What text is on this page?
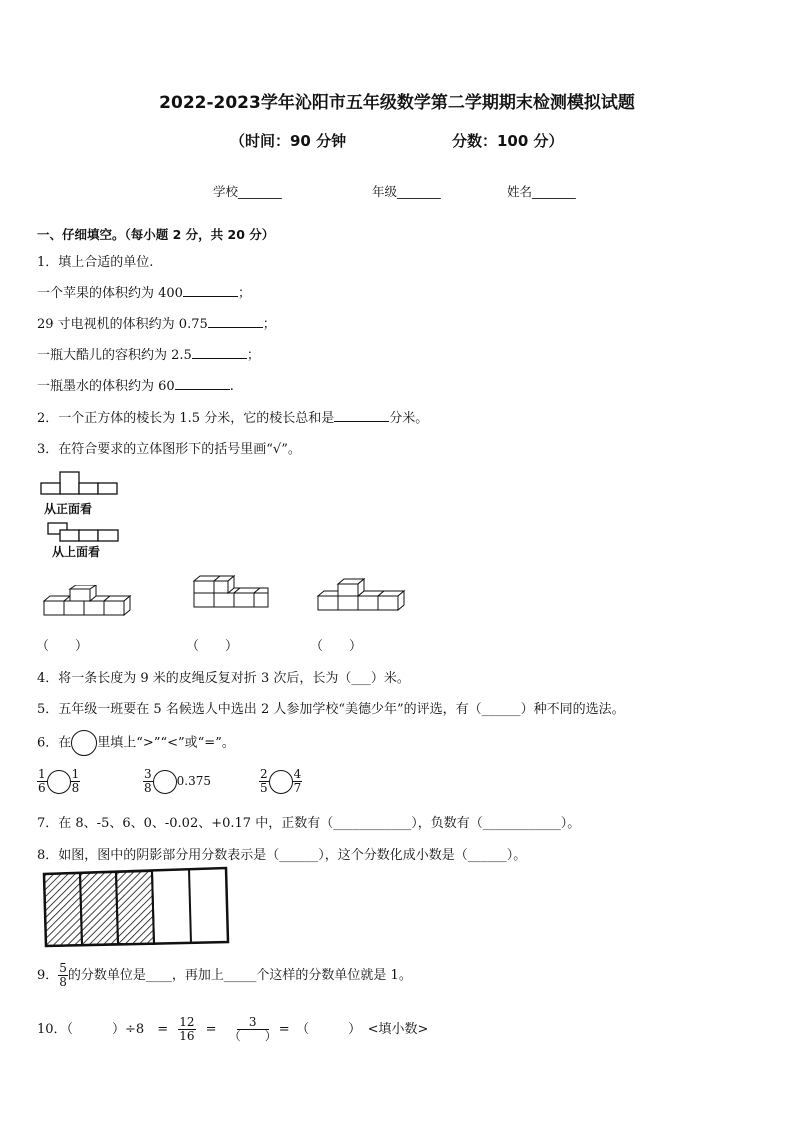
2022-2023学年沁阳市五年级数学第二学期期末检测模拟试题
（时间：90 分钟	分数：100 分）
学校_______	年级_______	姓名_______
一、仔细填空。（每小题 2 分，共 20 分）
1．填上合适的单位.
一个苹果的体积约为 400	；
29 寸电视机的体积约为 0.75	；
一瓶大酷儿的容积约为 2.5	；
一瓶墨水的体积约为 60	.
2．一个正方体的棱长为 1.5 分米，它的棱长总和是	分米。
3．在符合要求的立体图形下的括号里画“√”。
从正面看
从上面看
（　　）	（　　）	（　　）
4．将一条长度为 9 米的皮绳反复对折 3 次后，长为（___）米。
5．五年级一班要在 5 名候选人中选出 2 人参加学校“美德少年”的评选，有（______）种不同的选法。
6．在 里填上“>”“<”或“=”。
$\frac{1}{6} \frac{1}{8}$	$\frac{3}{8} 0.375$	$\frac{2}{5} \frac{4}{7}$
7．在 8、-5、6、0、-0.02、+0.17 中，正数有（____________），负数有（____________）。
8．如图，图中的阴影部分用分数表示是（______），这个分数化成小数是（______）。
9． $\frac{5}{8}$ 的分数单位是____，再加上_____个这样的分数单位就是 1。
10．（　　　）÷8　= $\frac{12}{16} = \frac{3}{( )}$ =　（　　　）　<填小数>
